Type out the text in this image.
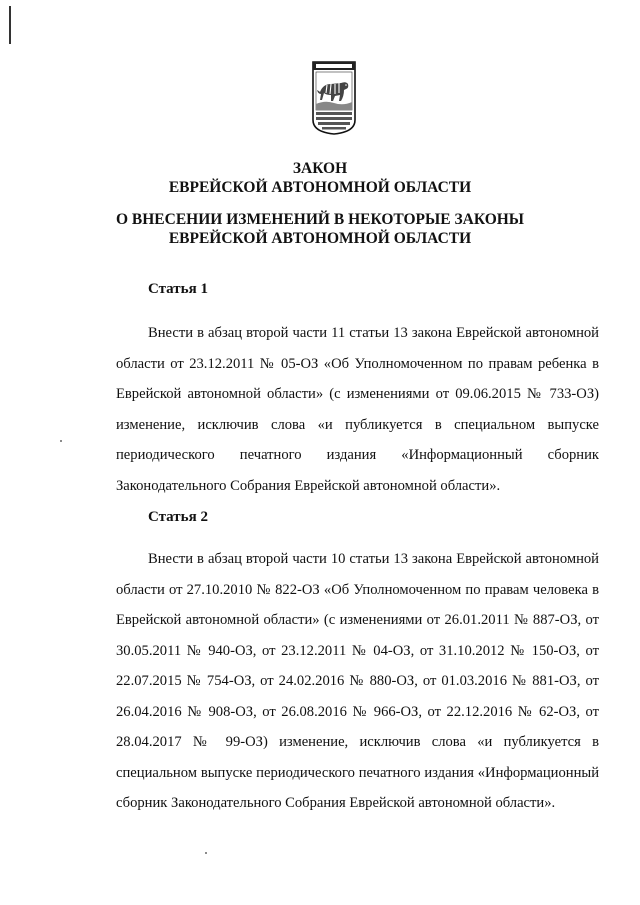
ЗАКОН
ЕВРЕЙСКОЙ АВТОНОМНОЙ ОБЛАСТИ
О ВНЕСЕНИИ ИЗМЕНЕНИЙ В НЕКОТОРЫЕ ЗАКОНЫ
ЕВРЕЙСКОЙ АВТОНОМНОЙ ОБЛАСТИ
Статья 1

Внести в абзац второй части 11 статьи 13 закона Еврейской автономной области от 23.12.2011 № 05-ОЗ «Об Уполномоченном по правам ребенка в Еврейской автономной области» (с изменениями от 09.06.2015 № 733-ОЗ) изменение, исключив слова «и публикуется в специальном выпуске периодического печатного издания «Информационный сборник Законодательного Собрания Еврейской автономной области».

Статья 2

Внести в абзац второй части 10 статьи 13 закона Еврейской автономной области от 27.10.2010 № 822-ОЗ «Об Уполномоченном по правам человека в Еврейской автономной области» (с изменениями от 26.01.2011 № 887-ОЗ, от 30.05.2011 № 940-ОЗ, от 23.12.2011 № 04-ОЗ, от 31.10.2012 № 150-ОЗ, от 22.07.2015 № 754-ОЗ, от 24.02.2016 № 880-ОЗ, от 01.03.2016 № 881-ОЗ, от 26.04.2016 № 908-ОЗ, от 26.08.2016 № 966-ОЗ, от 22.12.2016 № 62-ОЗ, от 28.04.2017 № 99-ОЗ) изменение, исключив слова «и публикуется в специальном выпуске периодического печатного издания «Информационный сборник Законодательного Собрания Еврейской автономной области».
